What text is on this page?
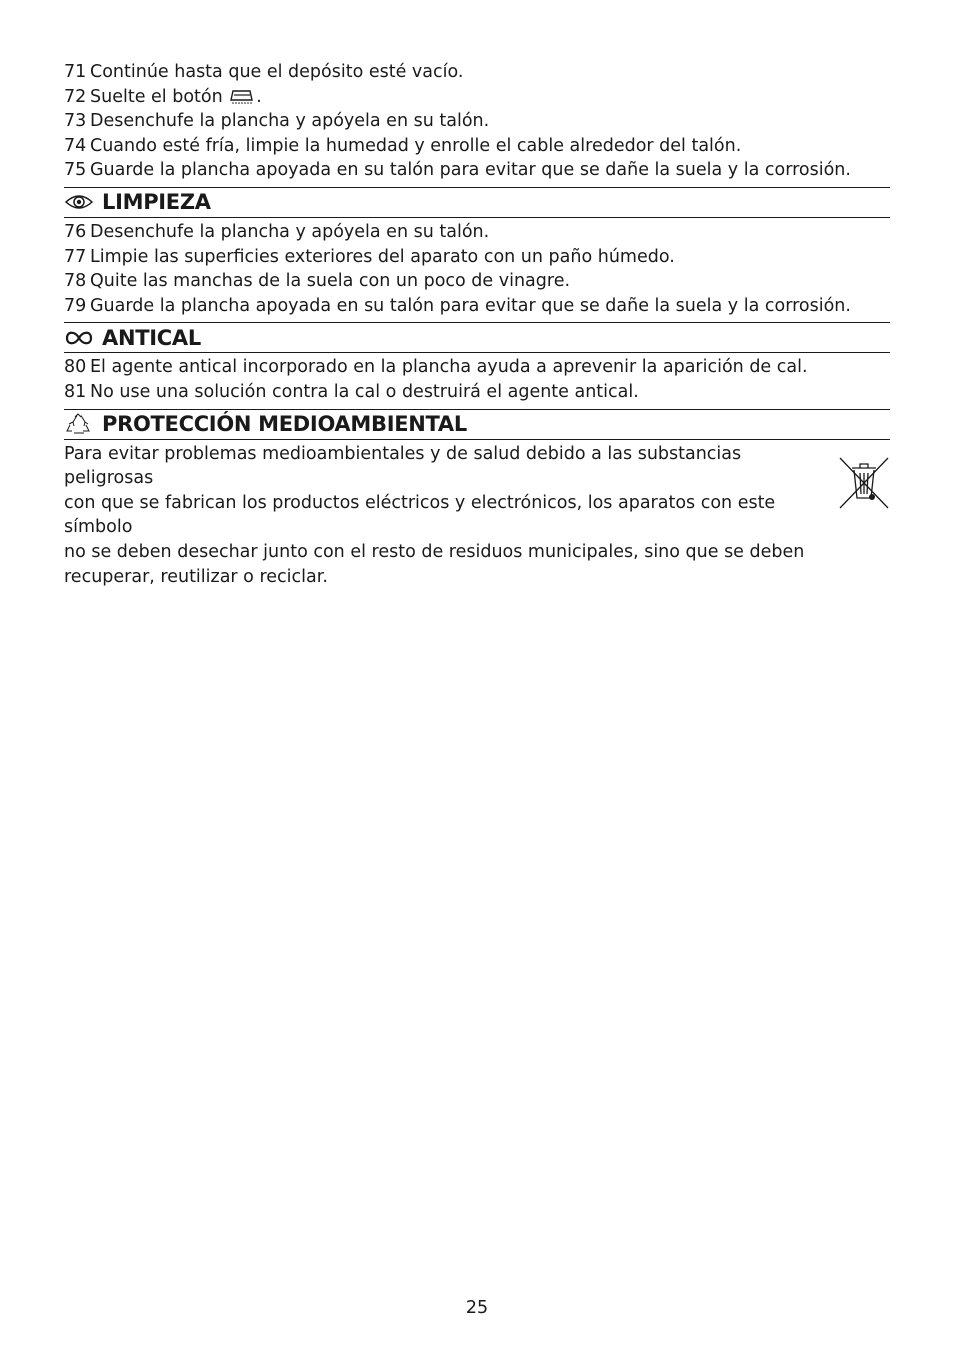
71 Continúe hasta que el depósito esté vacío.
72 Suelte el botón .
73 Desenchufe la plancha y apóyela en su talón.
74 Cuando esté fría, limpie la humedad y enrolle el cable alrededor del talón.
75 Guarde la plancha apoyada en su talón para evitar que se dañe la suela y la corrosión.
LIMPIEZA
76 Desenchufe la plancha y apóyela en su talón.
77 Limpie las superficies exteriores del aparato con un paño húmedo.
78 Quite las manchas de la suela con un poco de vinagre.
79 Guarde la plancha apoyada en su talón para evitar que se dañe la suela y la corrosión.
ANTICAL
80 El agente antical incorporado en la plancha ayuda a aprevenir la aparición de cal.
81 No use una solución contra la cal o destruirá el agente antical.
PROTECCIÓN MEDIOAMBIENTAL
Para evitar problemas medioambientales y de salud debido a las substancias peligrosas
con que se fabrican los productos eléctricos y electrónicos, los aparatos con este símbolo
no se deben desechar junto con el resto de residuos municipales, sino que se deben
recuperar, reutilizar o reciclar.
25
